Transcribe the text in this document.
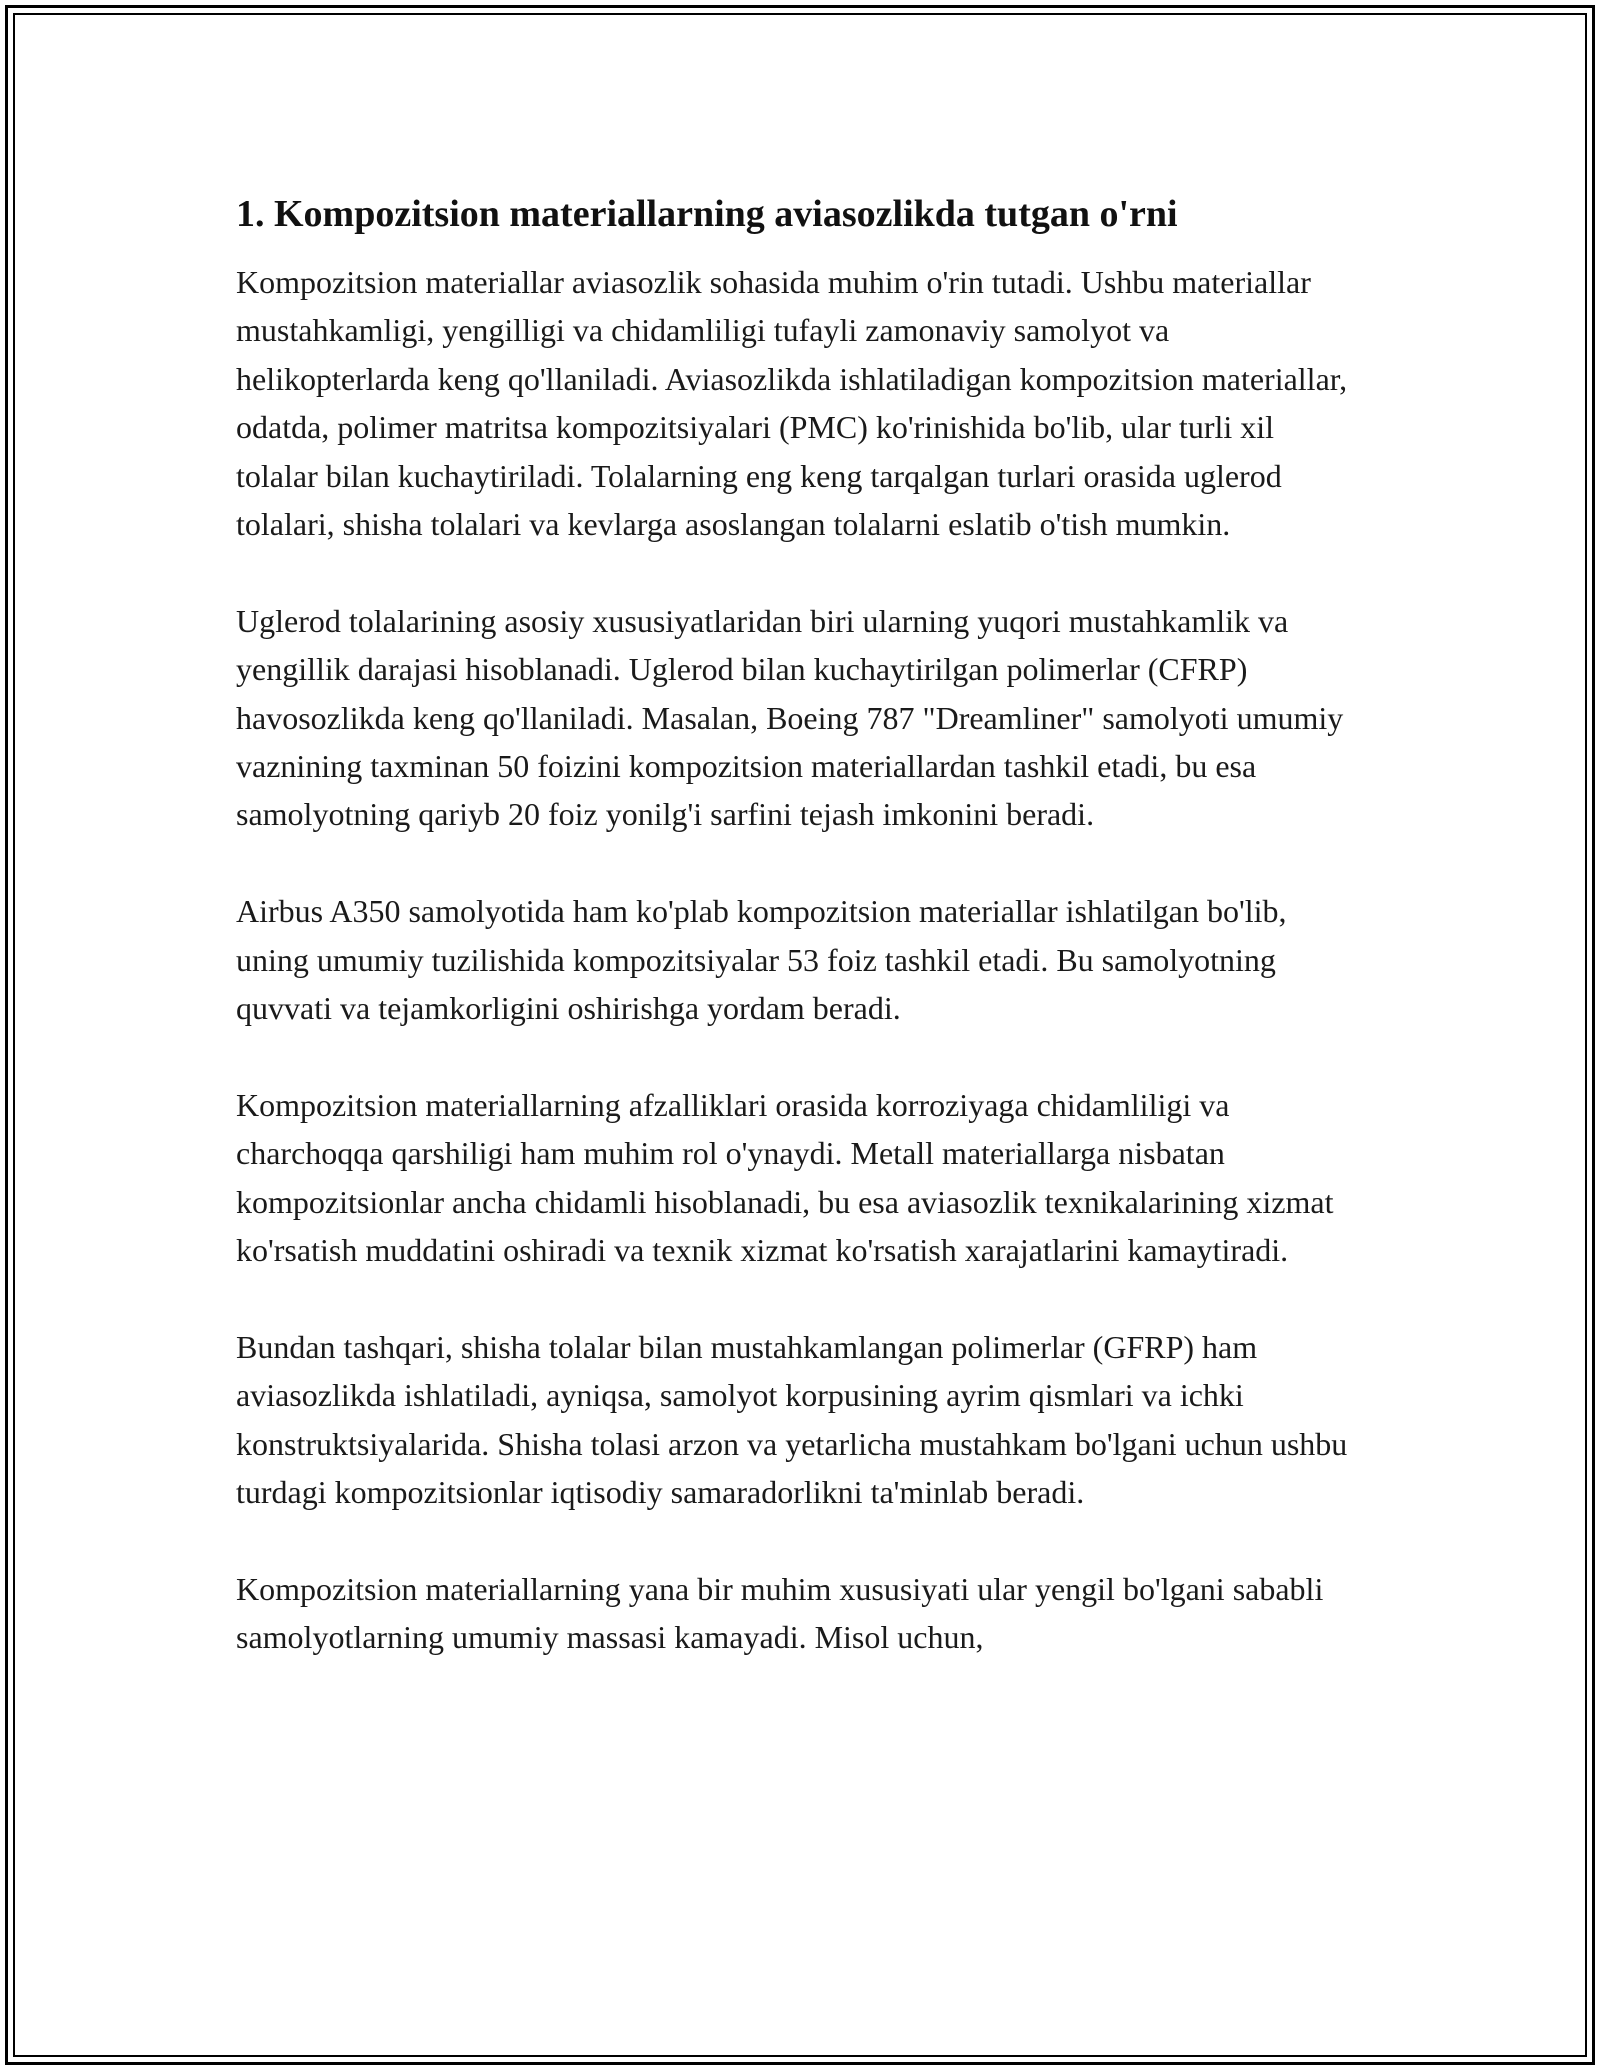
1. Kompozitsion materiallarning aviasozlikda tutgan o'rni

Kompozitsion materiallar aviasozlik sohasida muhim o'rin tutadi. Ushbu materiallar mustahkamligi, yengilligi va chidamliligi tufayli zamonaviy samolyot va helikopterlarda keng qo'llaniladi. Aviasozlikda ishlatiladigan kompozitsion materiallar, odatda, polimer matritsa kompozitsiyalari (PMC) ko'rinishida bo'lib, ular turli xil tolalar bilan kuchaytiriladi. Tolalarning eng keng tarqalgan turlari orasida uglerod tolalari, shisha tolalari va kevlarga asoslangan tolalarni eslatib o'tish mumkin.

Uglerod tolalarining asosiy xususiyatlaridan biri ularning yuqori mustahkamlik va yengillik darajasi hisoblanadi. Uglerod bilan kuchaytirilgan polimerlar (CFRP) havosozlikda keng qo'llaniladi. Masalan, Boeing 787 "Dreamliner" samolyoti umumiy vaznining taxminan 50 foizini kompozitsion materiallardan tashkil etadi, bu esa samolyotning qariyb 20 foiz yonilg'i sarfini tejash imkonini beradi.

Airbus A350 samolyotida ham ko'plab kompozitsion materiallar ishlatilgan bo'lib, uning umumiy tuzilishida kompozitsiyalar 53 foiz tashkil etadi. Bu samolyotning quvvati va tejamkorligini oshirishga yordam beradi.

Kompozitsion materiallarning afzalliklari orasida korroziyaga chidamliligi va charchoqqa qarshiligi ham muhim rol o'ynaydi. Metall materiallarga nisbatan kompozitsionlar ancha chidamli hisoblanadi, bu esa aviasozlik texnikalarining xizmat ko'rsatish muddatini oshiradi va texnik xizmat ko'rsatish xarajatlarini kamaytiradi.

Bundan tashqari, shisha tolalar bilan mustahkamlangan polimerlar (GFRP) ham aviasozlikda ishlatiladi, ayniqsa, samolyot korpusining ayrim qismlari va ichki konstruktsiyalarida. Shisha tolasi arzon va yetarlicha mustahkam bo'lgani uchun ushbu turdagi kompozitsionlar iqtisodiy samaradorlikni ta'minlab beradi.

Kompozitsion materiallarning yana bir muhim xususiyati ular yengil bo'lgani sababli samolyotlarning umumiy massasi kamayadi. Misol uchun,
